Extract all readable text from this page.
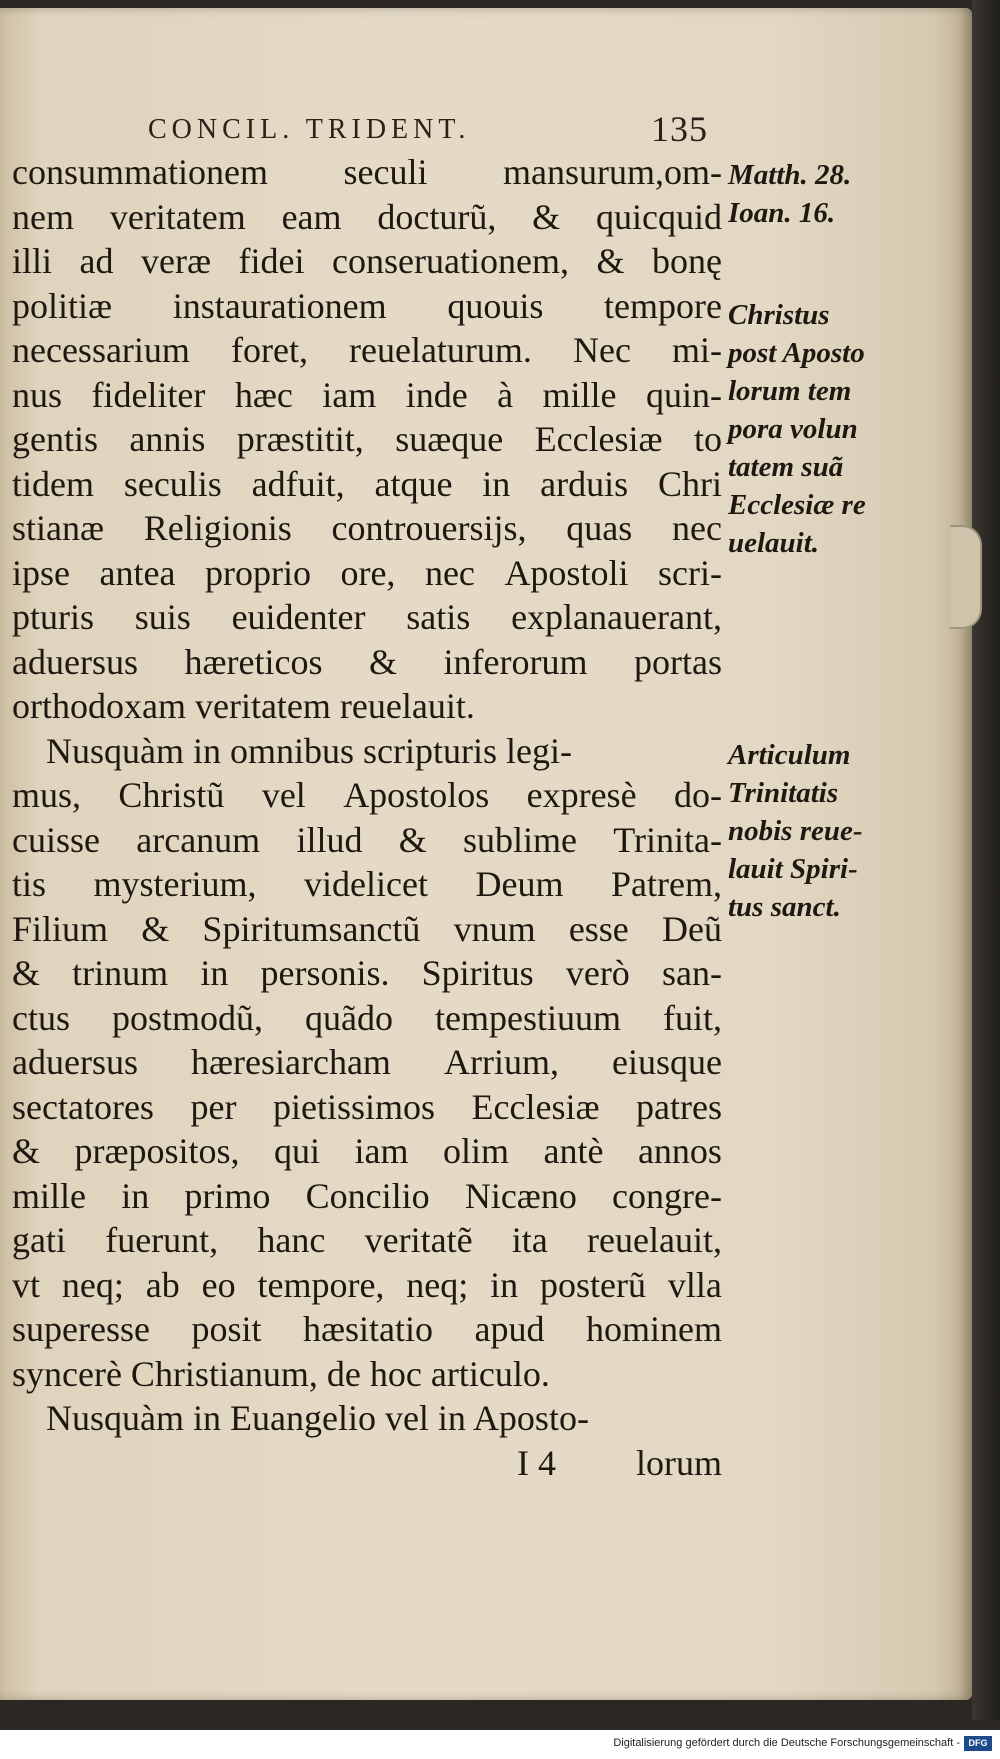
CONCIL. TRIDENT.	135
consummationem seculi mansurum,om-
nem veritatem eam docturũ, & quicquid
illi ad veræ fidei conseruationem, & bonę
politiæ instaurationem quouis tempore
necessarium foret, reuelaturum. Nec mi-
nus fideliter hæc iam inde à mille quin-
gentis annis præstitit, suæque Ecclesiæ to
tidem seculis adfuit, atque in arduis Chri
stianæ Religionis controuersijs, quas nec
ipse antea proprio ore, nec Apostoli scri-
pturis suis euidenter satis explanauerant,
aduersus hæreticos & inferorum portas
orthodoxam veritatem reuelauit.
Nusquàm in omnibus scripturis legi-
mus, Christũ vel Apostolos expresè do-
cuisse arcanum illud & sublime Trinita-
tis mysterium, videlicet Deum Patrem,
Filium & Spiritumsanctũ vnum esse Deũ
& trinum in personis. Spiritus verò san-
ctus postmodũ, quãdo tempestiuum fuit,
aduersus hæresiarcham Arrium, eiusque
sectatores per pietissimos Ecclesiæ patres
& præpositos, qui iam olim antè annos
mille in primo Concilio Nicæno congre-
gati fuerunt, hanc veritatẽ ita reuelauit,
vt neq; ab eo tempore, neq; in posterũ vlla
superesse posit hæsitatio apud hominem
syncerè Christianum, de hoc articulo.
Nusquàm in Euangelio vel in Aposto-
I 4 lorum
Matth. 28.
Ioan. 16.
Christus
post Aposto
lorum tem
pora volun
tatem suã
Ecclesiæ re
uelauit.
Articulum
Trinitatis
nobis reue-
lauit Spiri-
tus sanct.
Digitalisierung gefördert durch die Deutsche Forschungsgemeinschaft - DFG
